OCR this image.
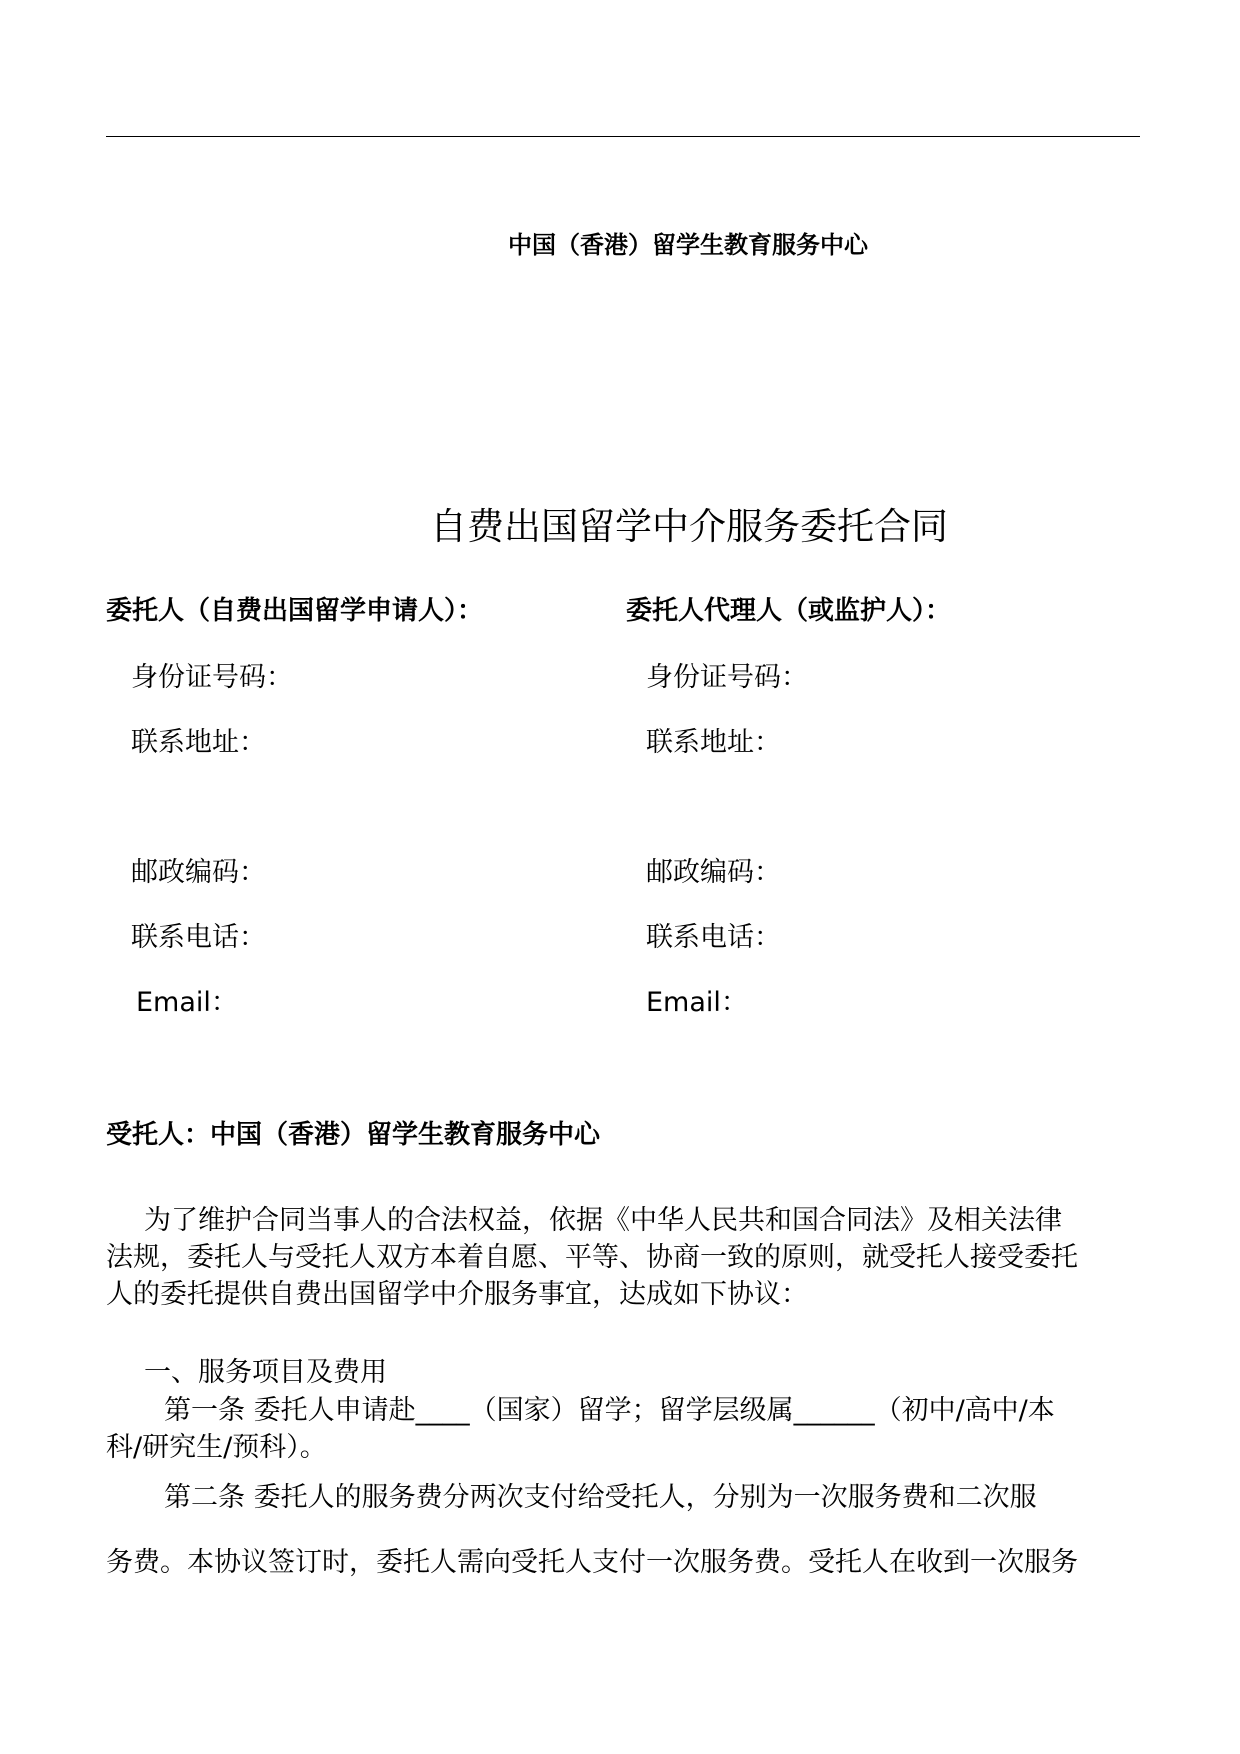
中国（香港）留学生教育服务中心
自费出国留学中介服务委托合同
委托人（自费出国留学申请人）：
身份证号码：
联系地址：
邮政编码：
联系电话：
Email：
委托人代理人（或监护人）：
身份证号码：
联系地址：
邮政编码：
联系电话：
Email：
受托人：中国（香港）留学生教育服务中心
为了维护合同当事人的合法权益，依据《中华人民共和国合同法》及相关法律
法规，委托人与受托人双方本着自愿、平等、协商一致的原则，就受托人接受委托
人的委托提供自费出国留学中介服务事宜，达成如下协议：
一、服务项目及费用
第一条 委托人申请赴____（国家）留学；留学层级属______（初中/高中/本
科/研究生/预科）。
第二条 委托人的服务费分两次支付给受托人，分别为一次服务费和二次服
务费。本协议签订时，委托人需向受托人支付一次服务费。受托人在收到一次服务
